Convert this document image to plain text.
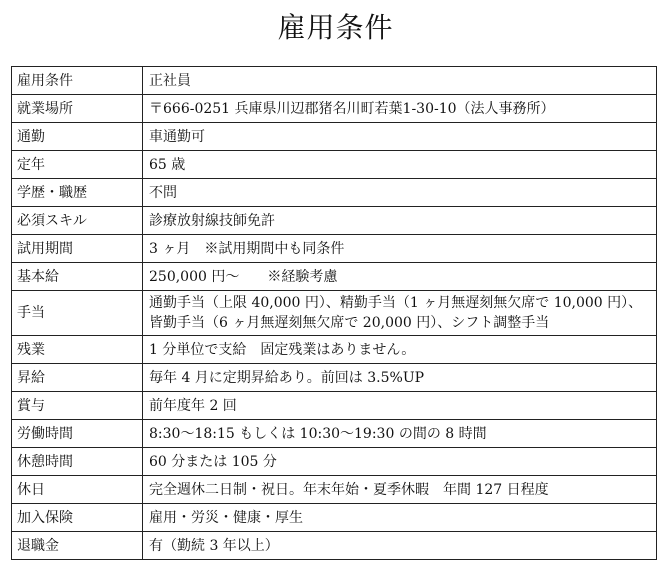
雇用条件
雇用条件	正社員
就業場所	〒666-0251 兵庫県川辺郡猪名川町若葉1-30-10（法人事務所）
通勤	車通勤可
定年	65 歳
学歴・職歴	不問
必須スキル	診療放射線技師免許
試用期間	3 ヶ月　※試用期間中も同条件
基本給	250,000 円～　　※経験考慮
手当	通勤手当（上限 40,000 円）、精勤手当（1 ヶ月無遅刻無欠席で 10,000 円）、皆勤手当（6 ヶ月無遅刻無欠席で 20,000 円）、シフト調整手当
残業	1 分単位で支給　固定残業はありません。
昇給	毎年 4 月に定期昇給あり。前回は 3.5%UP
賞与	前年度年 2 回
労働時間	8:30～18:15 もしくは 10:30～19:30 の間の 8 時間
休憩時間	60 分または 105 分
休日	完全週休二日制・祝日。年末年始・夏季休暇　年間 127 日程度
加入保険	雇用・労災・健康・厚生
退職金	有（勤続 3 年以上）
